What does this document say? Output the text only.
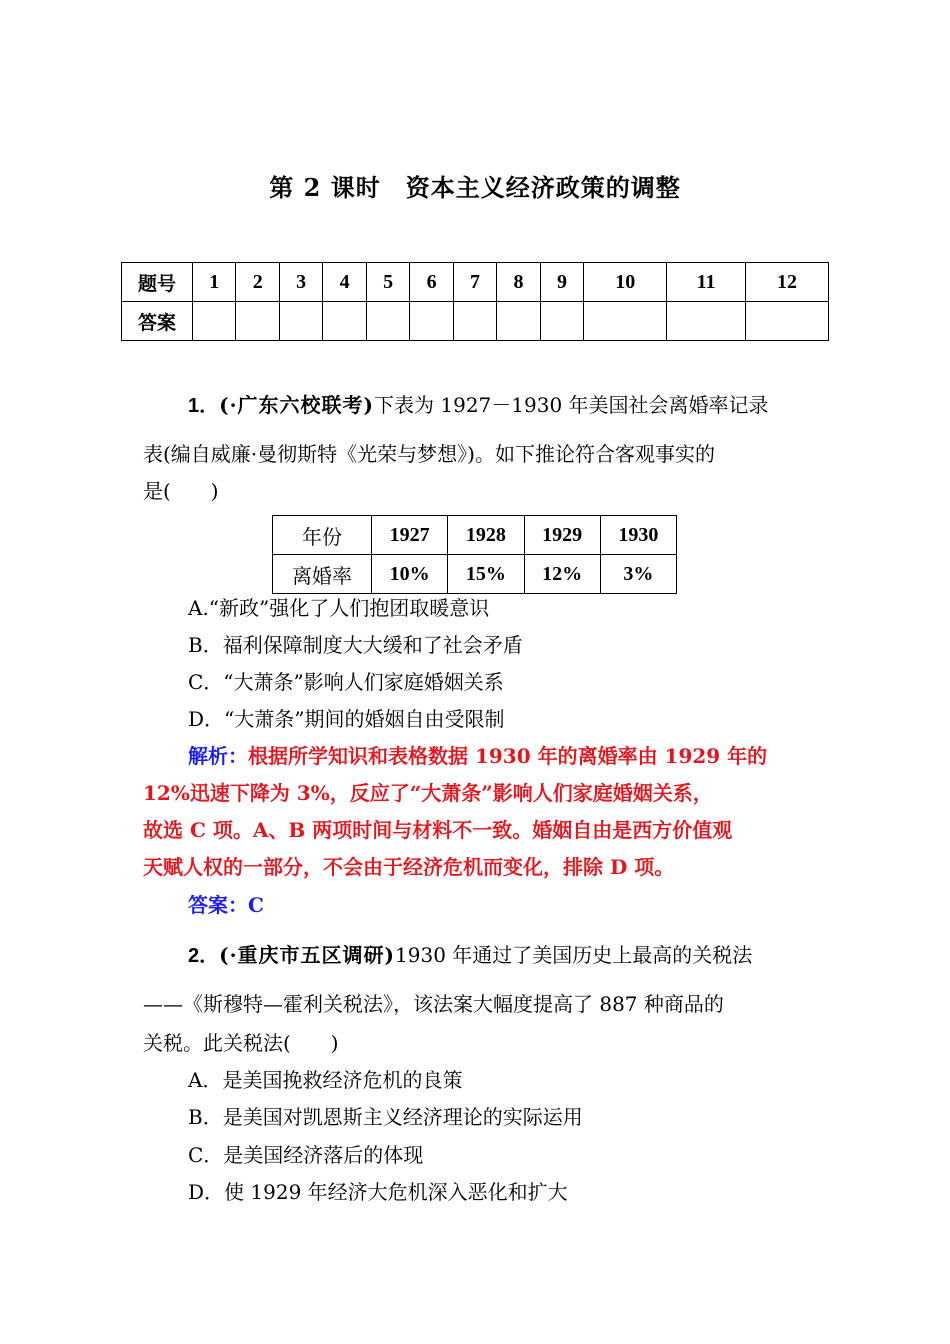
第 2 课时　资本主义经济政策的调整
题号	1	2	3	4	5	6	7	8	9	10	11	12
答案												
1．(·广东六校联考)下表为 1927－1930 年美国社会离婚率记录
表(编自威廉·曼彻斯特《光荣与梦想》)。如下推论符合客观事实的
是(　　)
年份	1927	1928	1929	1930
离婚率	10%	15%	12%	3%
A.“新政”强化了人们抱团取暖意识
B．福利保障制度大大缓和了社会矛盾
C．“大萧条”影响人们家庭婚姻关系
D．“大萧条”期间的婚姻自由受限制
解析：根据所学知识和表格数据 1930 年的离婚率由 1929 年的
12%迅速下降为 3%，反应了“大萧条”影响人们家庭婚姻关系，
故选 C 项。A、B 两项时间与材料不一致。婚姻自由是西方价值观
天赋人权的一部分，不会由于经济危机而变化，排除 D 项。
答案：C
2．(·重庆市五区调研)1930 年通过了美国历史上最高的关税法
——《斯穆特—霍利关税法》，该法案大幅度提高了 887 种商品的
关税。此关税法(　　)
A．是美国挽救经济危机的良策
B．是美国对凯恩斯主义经济理论的实际运用
C．是美国经济落后的体现
D．使 1929 年经济大危机深入恶化和扩大
